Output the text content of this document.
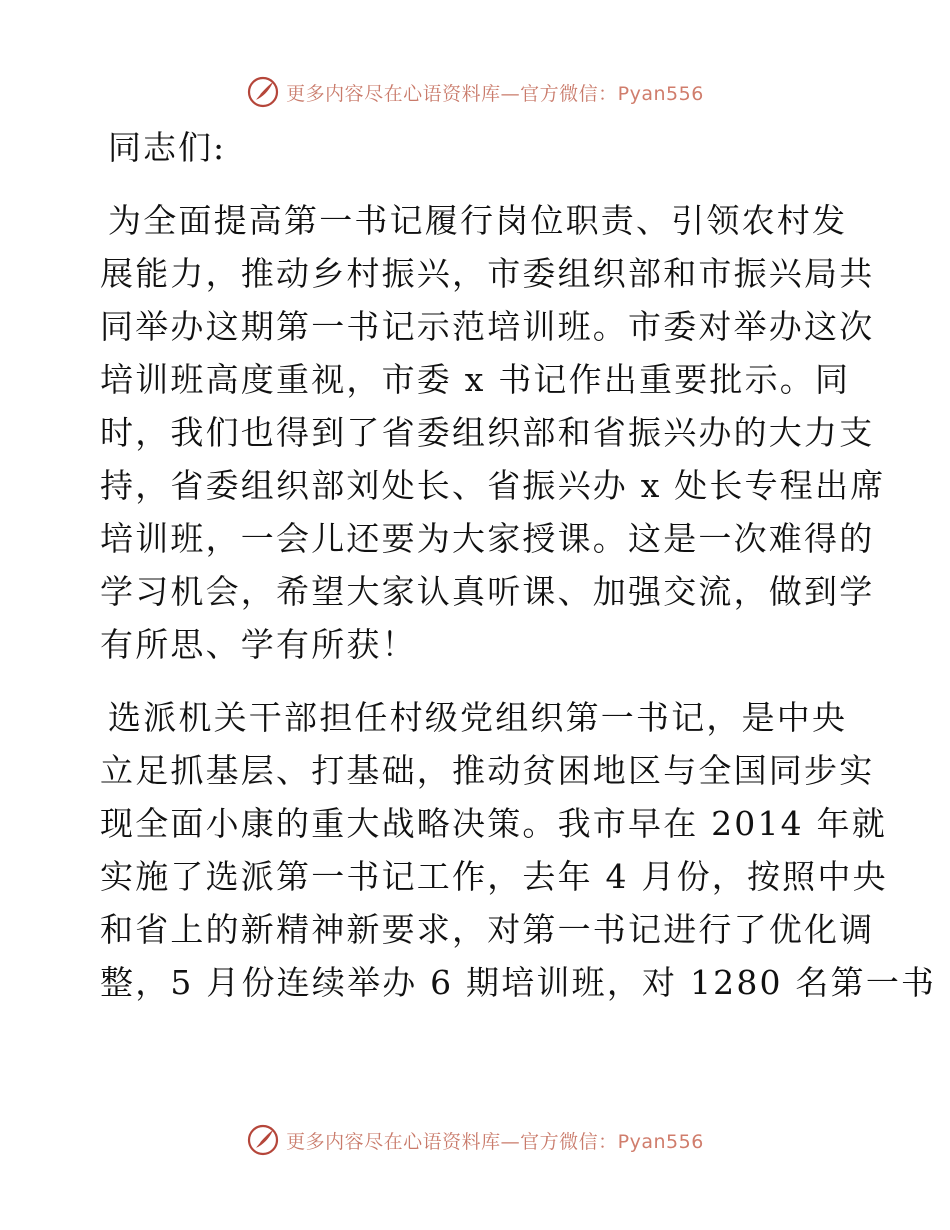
更多内容尽在心语资料库—官方微信：Pyan556
同志们:
为全面提高第一书记履行岗位职责、引领农村发
展能力，推动乡村振兴，市委组织部和市振兴局共
同举办这期第一书记示范培训班。市委对举办这次
培训班高度重视，市委 x 书记作出重要批示。同
时，我们也得到了省委组织部和省振兴办的大力支
持，省委组织部刘处长、省振兴办 x 处长专程出席
培训班，一会儿还要为大家授课。这是一次难得的
学习机会，希望大家认真听课、加强交流，做到学
有所思、学有所获！
选派机关干部担任村级党组织第一书记，是中央
立足抓基层、打基础，推动贫困地区与全国同步实
现全面小康的重大战略决策。我市早在 2014 年就
实施了选派第一书记工作，去年 4 月份，按照中央
和省上的新精神新要求，对第一书记进行了优化调
整，5 月份连续举办 6 期培训班，对 1280 名第一书
更多内容尽在心语资料库—官方微信：Pyan556
